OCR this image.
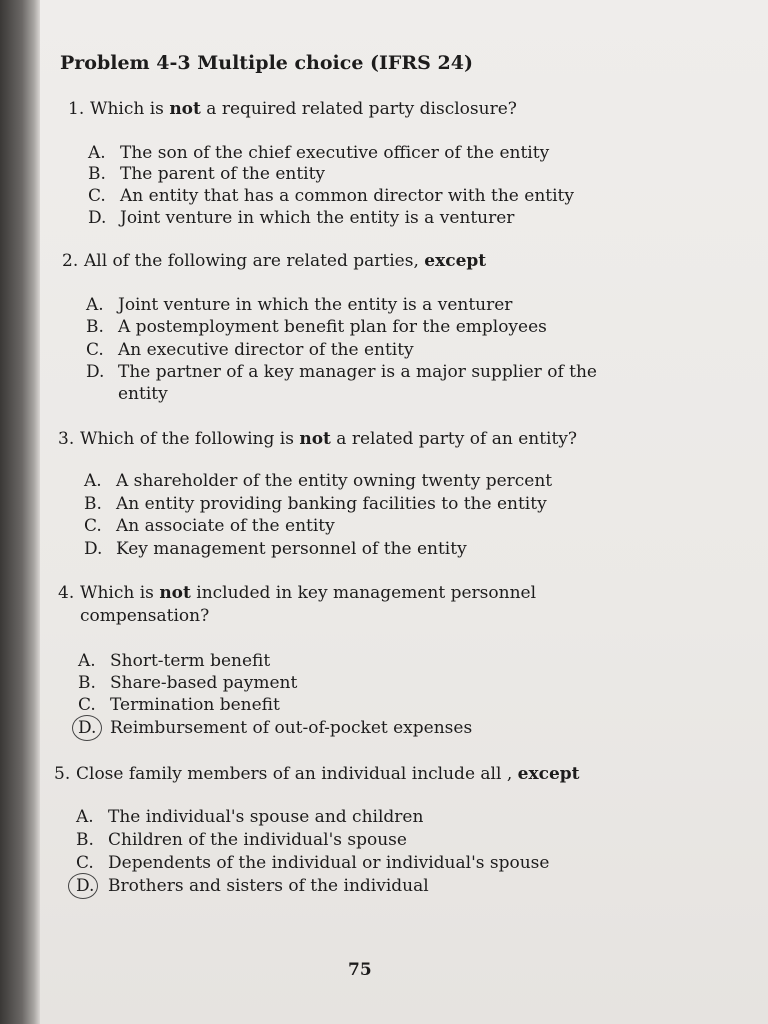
Problem 4-3 Multiple choice (IFRS 24)
1. Which is not a required related party disclosure?
A. The son of the chief executive officer of the entity
B. The parent of the entity
C. An entity that has a common director with the entity
D. Joint venture in which the entity is a venturer
2. All of the following are related parties, except
A. Joint venture in which the entity is a venturer
B. A postemployment benefit plan for the employees
C. An executive director of the entity
D. The partner of a key manager is a major supplier of the
entity
3. Which of the following is not a related party of an entity?
A. A shareholder of the entity owning twenty percent
B. An entity providing banking facilities to the entity
C. An associate of the entity
D. Key management personnel of the entity
4. Which is not included in key management personnel
compensation?
A. Short-term benefit
B. Share-based payment
C. Termination benefit
D. Reimbursement of out-of-pocket expenses
5. Close family members of an individual include all , except
A. The individual's spouse and children
B. Children of the individual's spouse
C. Dependents of the individual or individual's spouse
D. Brothers and sisters of the individual
75
